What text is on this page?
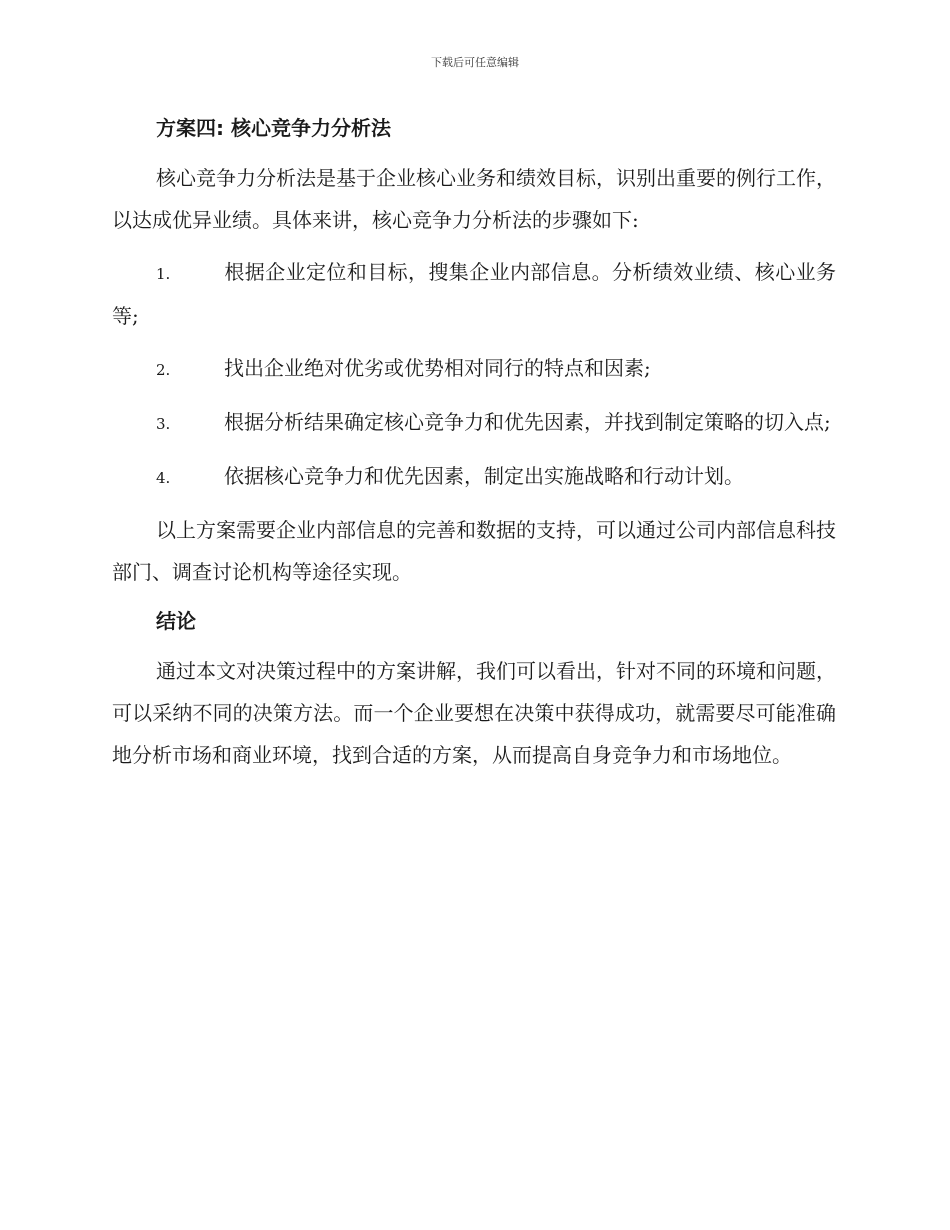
下载后可任意编辑
方案四: 核心竞争力分析法

核心竞争力分析法是基于企业核心业务和绩效目标，识别出重要的例行工作，以达成优异业绩。具体来讲，核心竞争力分析法的步骤如下:

1.	根据企业定位和目标，搜集企业内部信息。分析绩效业绩、核心业务等;
2.	找出企业绝对优劣或优势相对同行的特点和因素;
3.	根据分析结果确定核心竞争力和优先因素，并找到制定策略的切入点;
4.	依据核心竞争力和优先因素，制定出实施战略和行动计划。

以上方案需要企业内部信息的完善和数据的支持，可以通过公司内部信息科技部门、调查讨论机构等途径实现。

结论

通过本文对决策过程中的方案讲解，我们可以看出，针对不同的环境和问题，可以采纳不同的决策方法。而一个企业要想在决策中获得成功，就需要尽可能准确地分析市场和商业环境，找到合适的方案，从而提高自身竞争力和市场地位。
